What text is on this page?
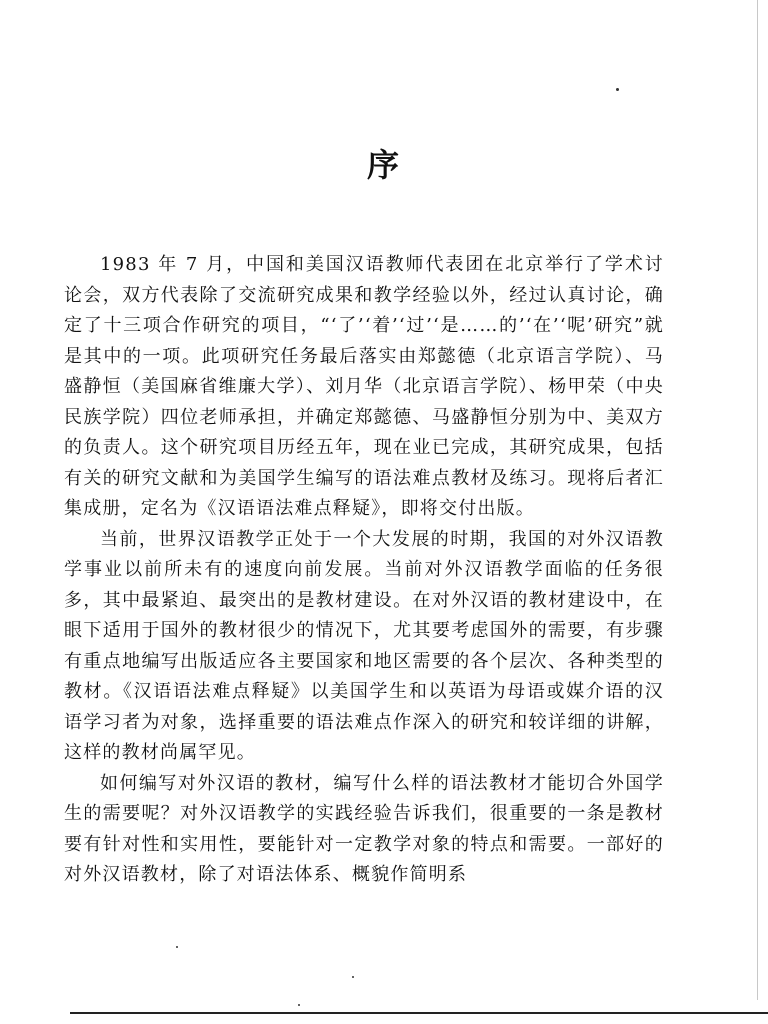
序

1983 年 7 月，中国和美国汉语教师代表团在北京举行了学术讨论会，双方代表除了交流研究成果和教学经验以外，经过认真讨论，确定了十三项合作研究的项目，“‘了’‘着’‘过’‘是……的’‘在’‘呢’研究”就是其中的一项。此项研究任务最后落实由郑懿德（北京语言学院）、马盛静恒（美国麻省维廉大学）、刘月华（北京语言学院）、杨甲荣（中央民族学院）四位老师承担，并确定郑懿德、马盛静恒分别为中、美双方的负责人。这个研究项目历经五年，现在业已完成，其研究成果，包括有关的研究文献和为美国学生编写的语法难点教材及练习。现将后者汇集成册，定名为《汉语语法难点释疑》，即将交付出版。

当前，世界汉语教学正处于一个大发展的时期，我国的对外汉语教学事业以前所未有的速度向前发展。当前对外汉语教学面临的任务很多，其中最紧迫、最突出的是教材建设。在对外汉语的教材建设中，在眼下适用于国外的教材很少的情况下，尤其要考虑国外的需要，有步骤有重点地编写出版适应各主要国家和地区需要的各个层次、各种类型的教材。《汉语语法难点释疑》以美国学生和以英语为母语或媒介语的汉语学习者为对象，选择重要的语法难点作深入的研究和较详细的讲解，这样的教材尚属罕见。

如何编写对外汉语的教材，编写什么样的语法教材才能切合外国学生的需要呢？对外汉语教学的实践经验告诉我们，很重要的一条是教材要有针对性和实用性，要能针对一定教学对象的特点和需要。一部好的对外汉语教材，除了对语法体系、概貌作简明系
